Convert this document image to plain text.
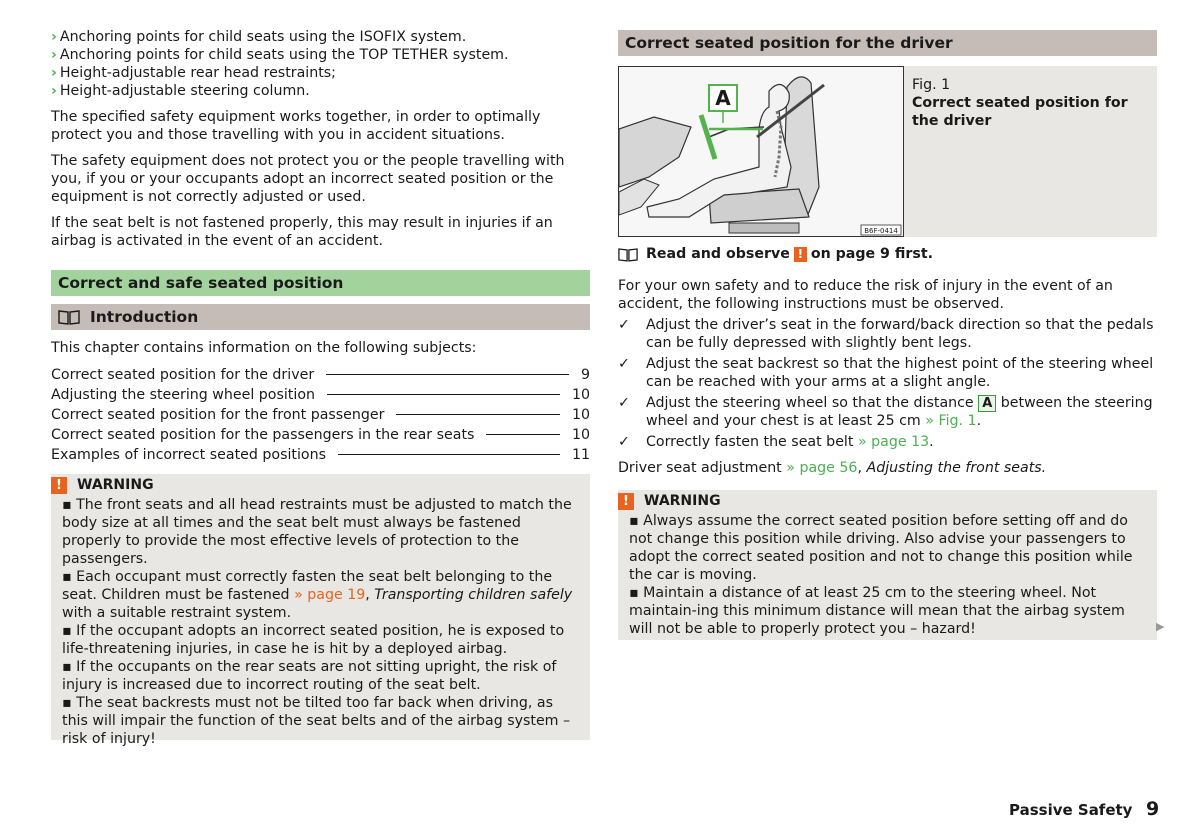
› Anchoring points for child seats using the ISOFIX system.
› Anchoring points for child seats using the TOP TETHER system.
› Height-adjustable rear head restraints;
› Height-adjustable steering column.

The specified safety equipment works together, in order to optimally protect you and those travelling with you in accident situations.

The safety equipment does not protect you or the people travelling with you, if you or your occupants adopt an incorrect seated position or the equipment is not correctly adjusted or used.

If the seat belt is not fastened properly, this may result in injuries if an airbag is activated in the event of an accident.

Correct and safe seated position
Introduction

This chapter contains information on the following subjects:

Correct seated position for the driver	9
Adjusting the steering wheel position	10
Correct seated position for the front passenger	10
Correct seated position for the passengers in the rear seats	10
Examples of incorrect seated positions	11
!	WARNING

▪ The front seats and all head restraints must be adjusted to match the body size at all times and the seat belt must always be fastened properly to provide the most effective levels of protection to the passengers.

▪ Each occupant must correctly fasten the seat belt belonging to the seat. Children must be fastened » page 19, Transporting children safely with a suitable restraint system.

▪ If the occupant adopts an incorrect seated position, he is exposed to life-threatening injuries, in case he is hit by a deployed airbag.

▪ If the occupants on the rear seats are not sitting upright, the risk of injury is increased due to incorrect routing of the seat belt.

▪ The seat backrests must not be tilted too far back when driving, as this will impair the function of the seat belts and of the airbag system – risk of injury!

Correct seated position for the driver
A
B6F-0414
Fig. 1
Correct seated position for the driver
Read and observe ! on page 9 first.

For your own safety and to reduce the risk of injury in the event of an accident, the following instructions must be observed.

✓ Adjust the driver’s seat in the forward/back direction so that the pedals can be fully depressed with slightly bent legs.
✓ Adjust the seat backrest so that the highest point of the steering wheel can be reached with your arms at a slight angle.
✓ Adjust the steering wheel so that the distance A between the steering wheel and your chest is at least 25 cm » Fig. 1.
✓ Correctly fasten the seat belt » page 13.

Driver seat adjustment » page 56, Adjusting the front seats.

!	WARNING

▪ Always assume the correct seated position before setting off and do not change this position while driving. Also advise your passengers to adopt the correct seated position and not to change this position while the car is moving.

▪ Maintain a distance of at least 25 cm to the steering wheel. Not maintain-ing this minimum distance will mean that the airbag system will not be able to properly protect you – hazard!	▶
Passive Safety 9
